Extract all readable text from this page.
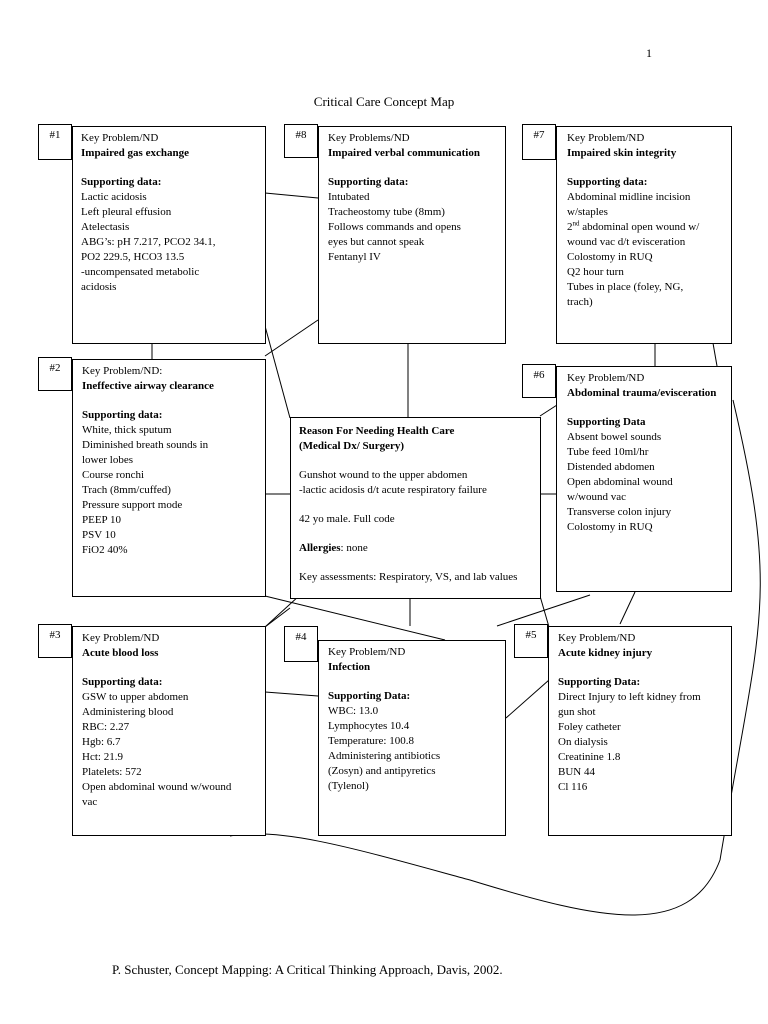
1
Critical Care Concept Map

Key Problem/ND

Impaired gas exchange

Supporting data:

Lactic acidosis
Left pleural effusion
Atelectasis
ABG’s: pH 7.217, PCO2 34.1,
PO2 229.5, HCO3 13.5
-uncompensated metabolic
acidosis
#1	Key Problems/ND

Impaired verbal communication

Supporting data:

Intubated
Tracheostomy tube (8mm)
Follows commands and opens
eyes but cannot speak
Fentanyl IV
#8	Key Problem/ND

Impaired skin integrity

Supporting data:

Abdominal midline incision
w/staples
2nd abdominal open wound w/
wound vac d/t evisceration
Colostomy in RUQ
Q2 hour turn
Tubes in place (foley, NG,
trach)
#7

Key Problem/ND:

Ineffective airway clearance

Supporting data:

White, thick sputum
Diminished breath sounds in
lower lobes
Course ronchi
Trach (8mm/cuffed)
Pressure support mode
PEEP 10
PSV 10
FiO2 40%
#2

Reason For Needing Health Care

(Medical Dx/ Surgery)

Gunshot wound to the upper abdomen

-lactic acidosis d/t acute respiratory failure

42 yo male. Full code

Allergies: none

Key assessments: Respiratory, VS, and lab values

Key Problem/ND

Abdominal trauma/evisceration

Supporting Data

Absent bowel sounds
Tube feed 10ml/hr
Distended abdomen
Open abdominal wound
w/wound vac
Transverse colon injury
Colostomy in RUQ
#6

Key Problem/ND

Acute blood loss

Supporting data:

GSW to upper abdomen
Administering blood
RBC: 2.27
Hgb: 6.7
Hct: 21.9
Platelets: 572
Open abdominal wound w/wound
vac
#3

Key Problem/ND

Infection

Supporting Data:

WBC: 13.0
Lymphocytes 10.4
Temperature: 100.8
Administering antibiotics
(Zosyn) and antipyretics
(Tylenol)
#4	Key Problem/ND

Acute kidney injury

Supporting Data:

Direct Injury to left kidney from
gun shot
Foley catheter
On dialysis
Creatinine 1.8
BUN 44
Cl 116
#5
P. Schuster, Concept Mapping: A Critical Thinking Approach, Davis, 2002.
